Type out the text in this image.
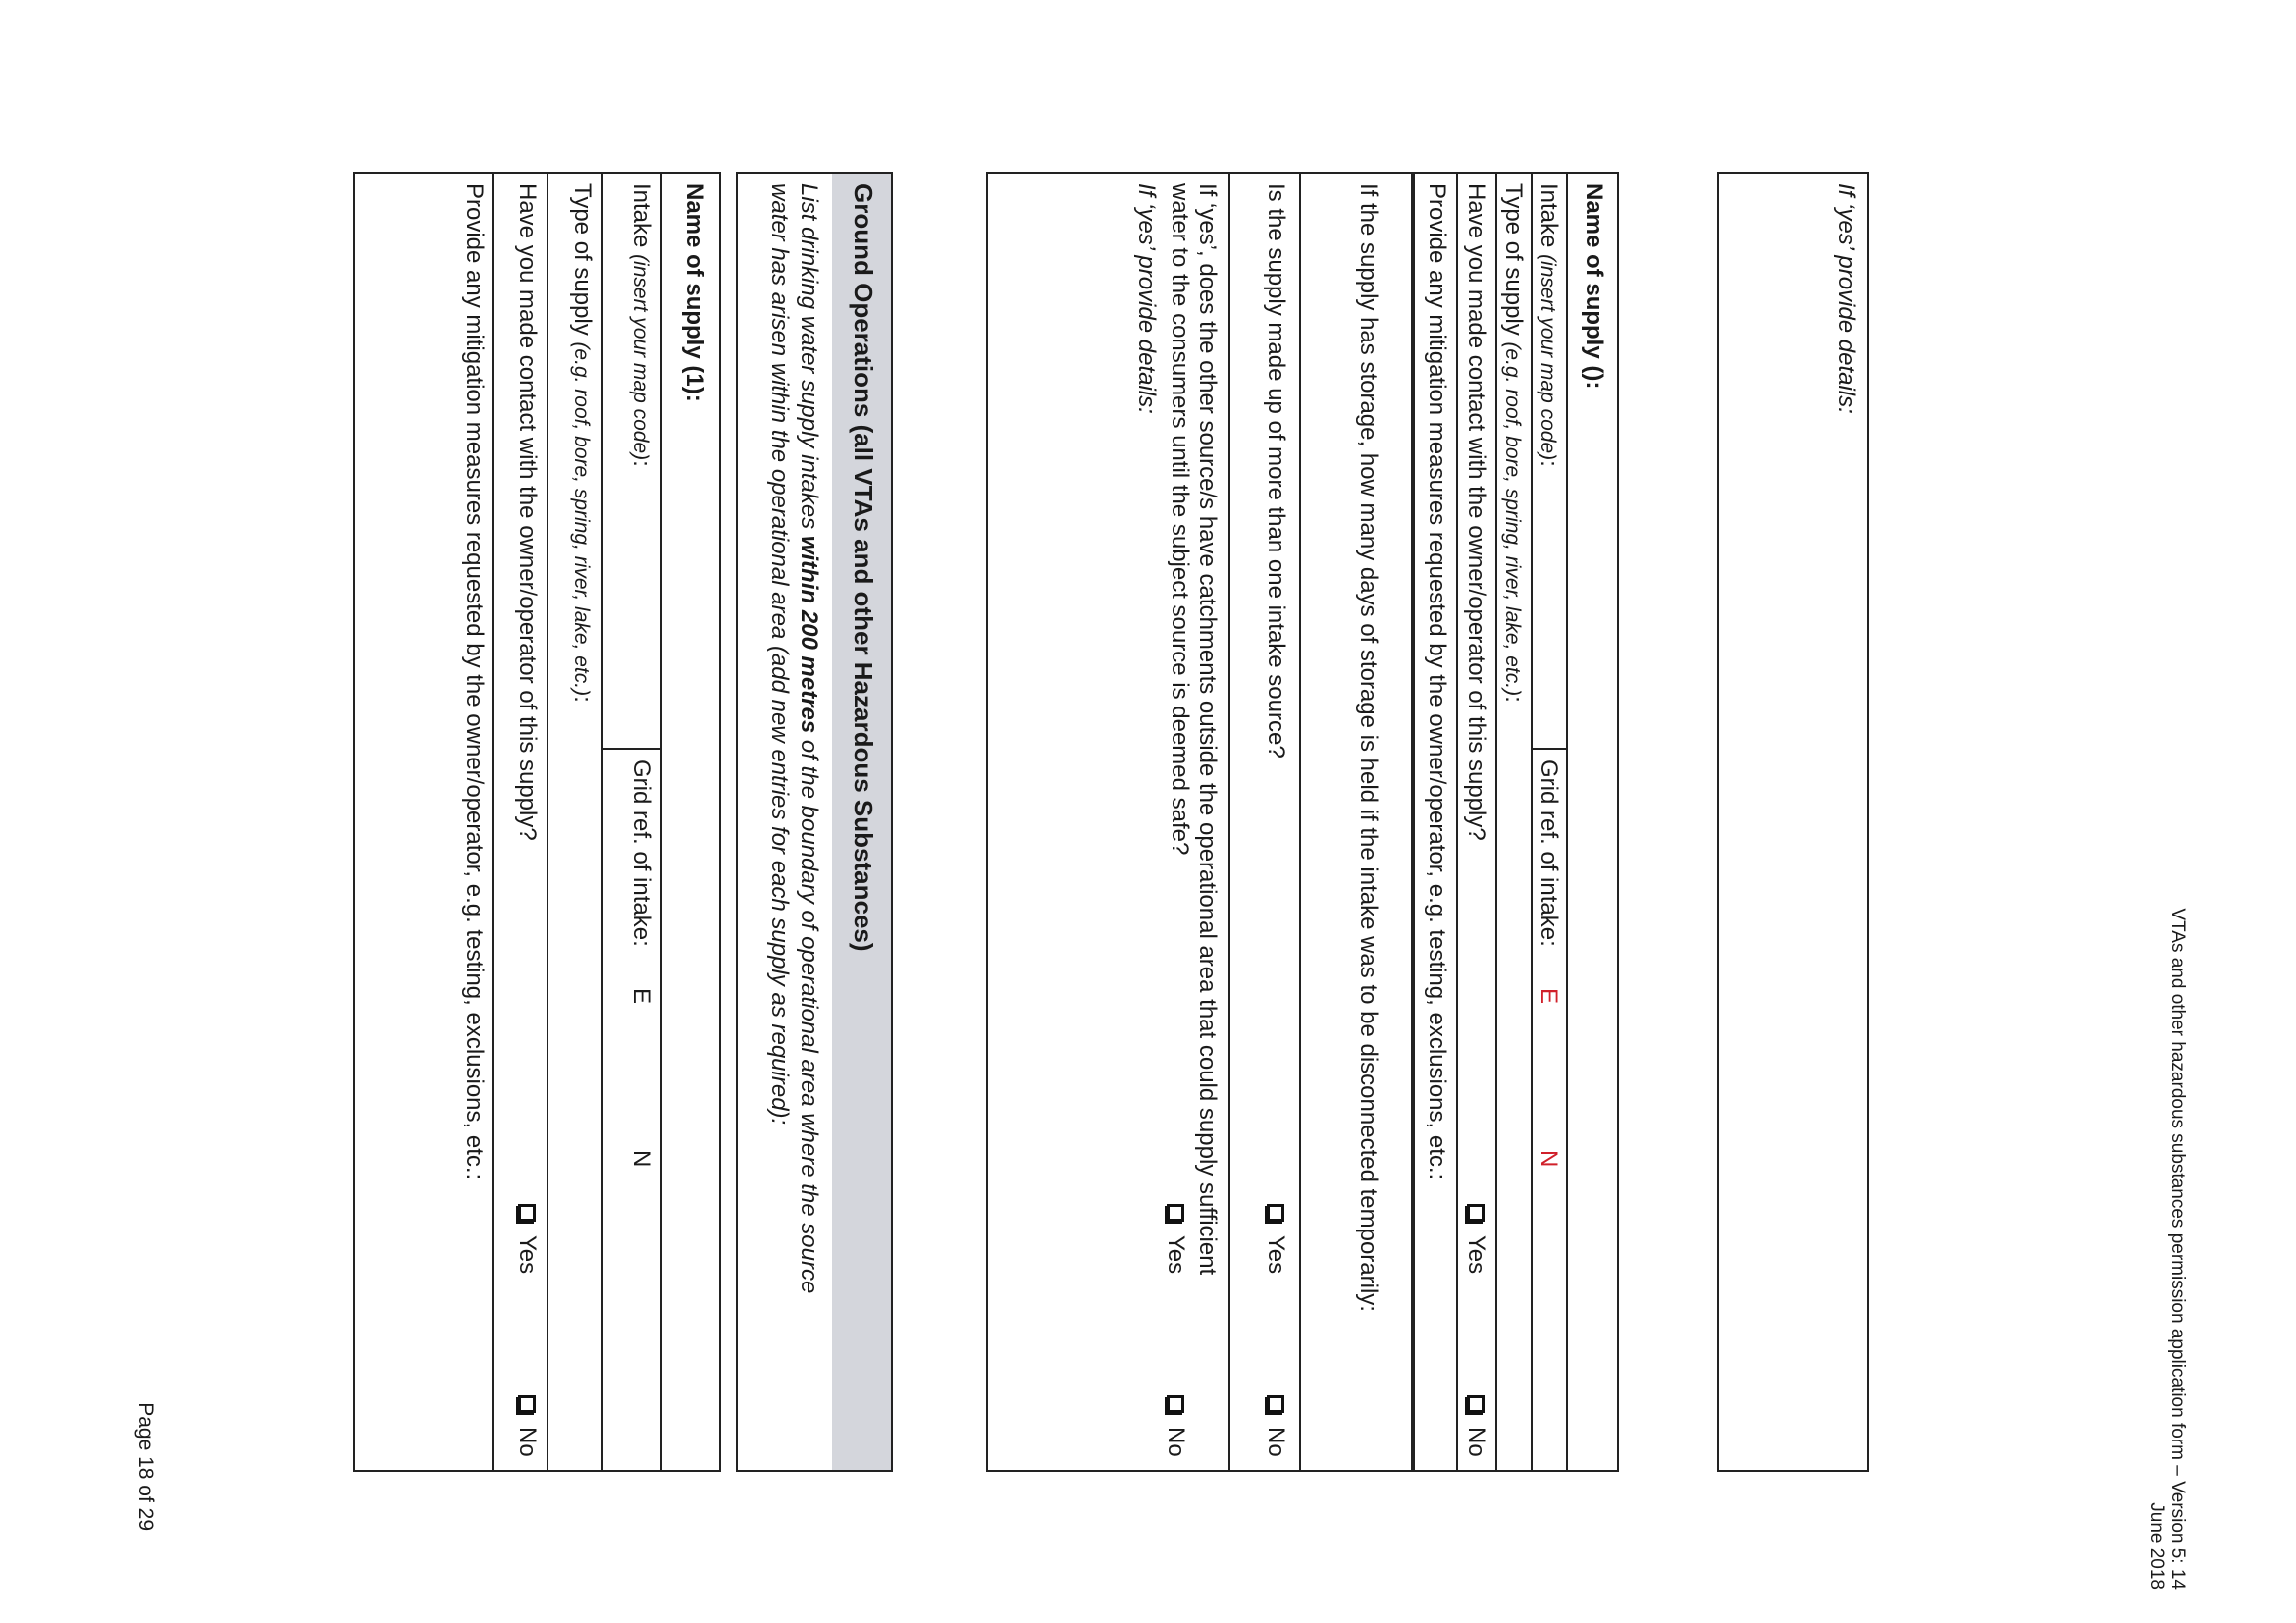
VTAs and other hazardous substances permission application form – Version 5: 14 June 2018
If ‘yes’ provide details:
Name of supply ():
Intake (insert your map code):
Grid ref. of intake:
E
N
Type of supply (e.g. roof, bore, spring, river, lake, etc.):
Have you made contact with the owner/operator of this supply?
Yes
No
Provide any mitigation measures requested by the owner/operator, e.g. testing, exclusions, etc.:
If the supply has storage, how many days of storage is held if the intake was to be disconnected temporarily:
Is the supply made up of more than one intake source?
Yes
No
If ‘yes’, does the other source/s have catchments outside the operational area that could supply sufficient
water to the consumers until the subject source is deemed safe?
Yes
No
If ‘yes’ provide details:
Ground Operations (all VTAs and other Hazardous Substances)
List drinking water supply intakes within 200 metres of the boundary of operational area where the source
water has arisen within the operational area (add new entries for each supply as required):
Name of supply (1):
Intake (insert your map code):
Grid ref. of intake:
E
N
Type of supply (e.g. roof, bore, spring, river, lake, etc.):
Have you made contact with the owner/operator of this supply?
Yes
No
Provide any mitigation measures requested by the owner/operator, e.g. testing, exclusions, etc.:
Page 18 of 29
